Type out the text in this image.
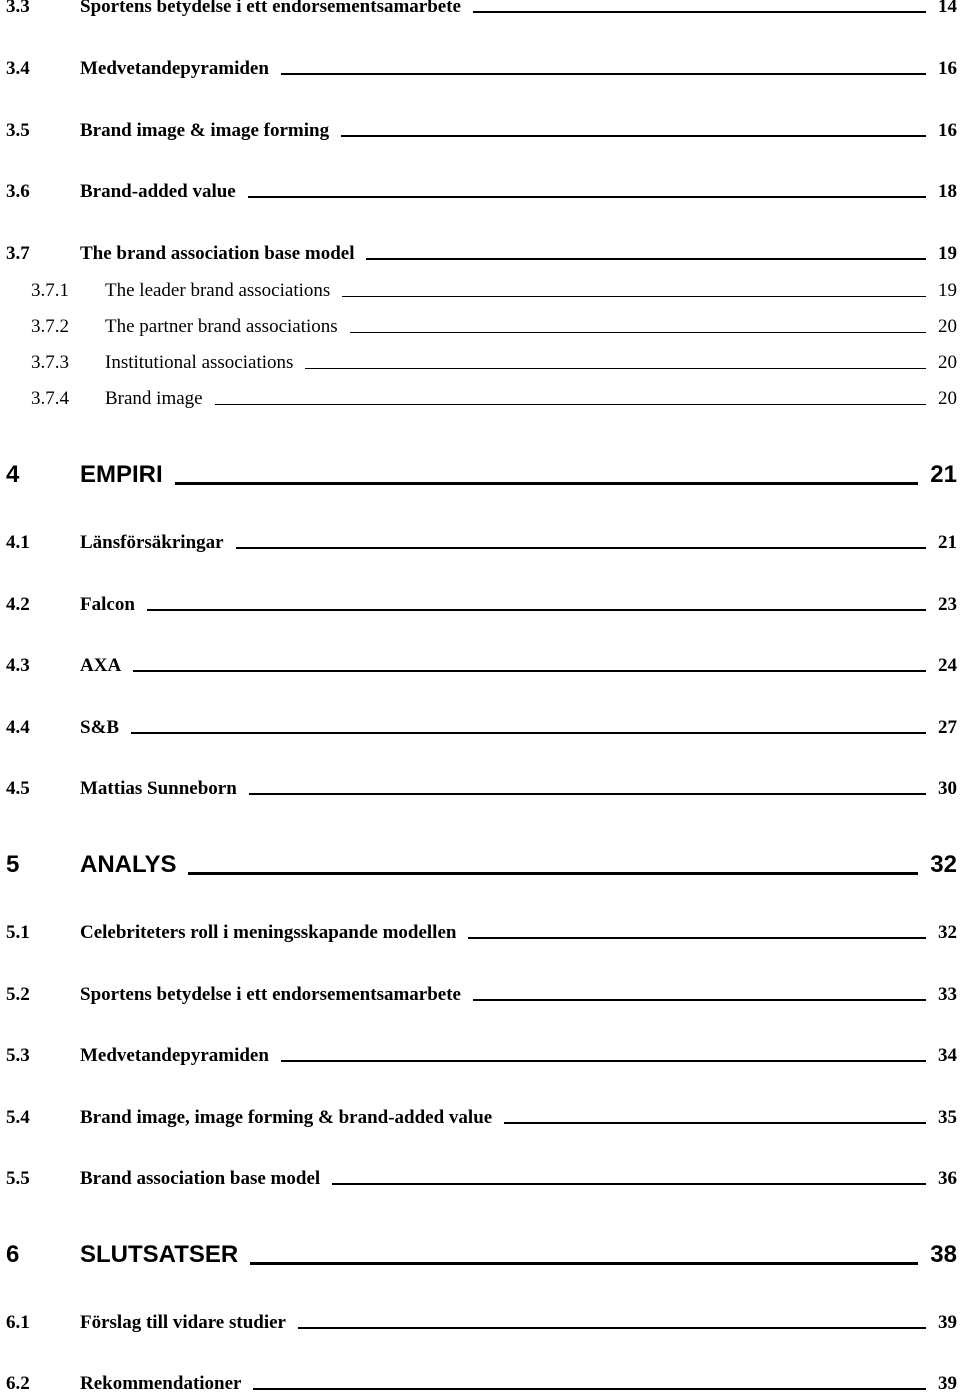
3.3	Sportens betydelse i ett endorsementsamarbete	14
3.4	Medvetandepyramiden	16
3.5	Brand image & image forming	16
3.6	Brand-added value	18
3.7	The brand association base model	19
3.7.1	The leader brand associations	19
3.7.2	The partner brand associations	20
3.7.3	Institutional associations	20
3.7.4	Brand image	20
4	EMPIRI	21
4.1	Länsförsäkringar	21
4.2	Falcon	23
4.3	AXA	24
4.4	S&B	27
4.5	Mattias Sunneborn	30
5	ANALYS	32
5.1	Celebriteters roll i meningsskapande modellen	32
5.2	Sportens betydelse i ett endorsementsamarbete	33
5.3	Medvetandepyramiden	34
5.4	Brand image, image forming & brand-added value	35
5.5	Brand association base model	36
6	SLUTSATSER	38
6.1	Förslag till vidare studier	39
6.2	Rekommendationer	39
